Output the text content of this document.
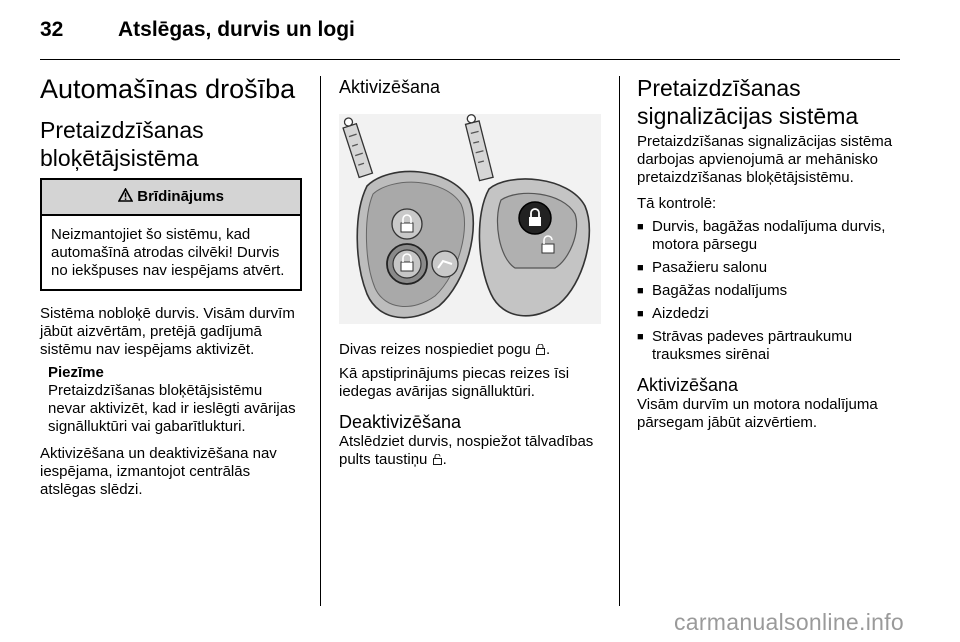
32	Atslēgas, durvis un logi
Automašīnas drošība
Pretaizdzīšanas
bloķētājsistēma
Brīdinājums
Neizmantojiet šo sistēmu, kad automašīnā atrodas cilvēki! Durvis no iekšpuses nav iespējams atvērt.

Sistēma nobloķē durvis. Visām durvīm jābūt aizvērtām, pretējā gadījumā sistēmu nav iespējams aktivizēt.

Piezīme
Pretaizdzīšanas bloķētājsistēmu nevar aktivizēt, kad ir ieslēgti avārijas signālluktūri vai gabarītlukturi.

Aktivizēšana un deaktivizēšana nav iespējama, izmantojot centrālās atslēgas slēdzi.

Aktivizēšana

Divas reizes nospiediet pogu .

Kā apstiprinājums piecas reizes īsi iedegas avārijas signālluktūri.

Deaktivizēšana

Atslēdziet durvis, nospiežot tālvadības pults taustiņu .

Pretaizdzīšanas
signalizācijas sistēma

Pretaizdzīšanas signalizācijas sistēma darbojas apvienojumā ar mehānisko pretaizdzīšanas bloķētājsistēmu.

Tā kontrolē:

■ Durvis, bagāžas nodalījuma durvis, motora pārsegu
■ Pasažieru salonu
■ Bagāžas nodalījums
■ Aizdedzi
■ Strāvas padeves pārtraukumu trauksmes sirēnai
Aktivizēšana

Visām durvīm un motora nodalījuma pārsegam jābūt aizvērtiem.

carmanualsonline.info
